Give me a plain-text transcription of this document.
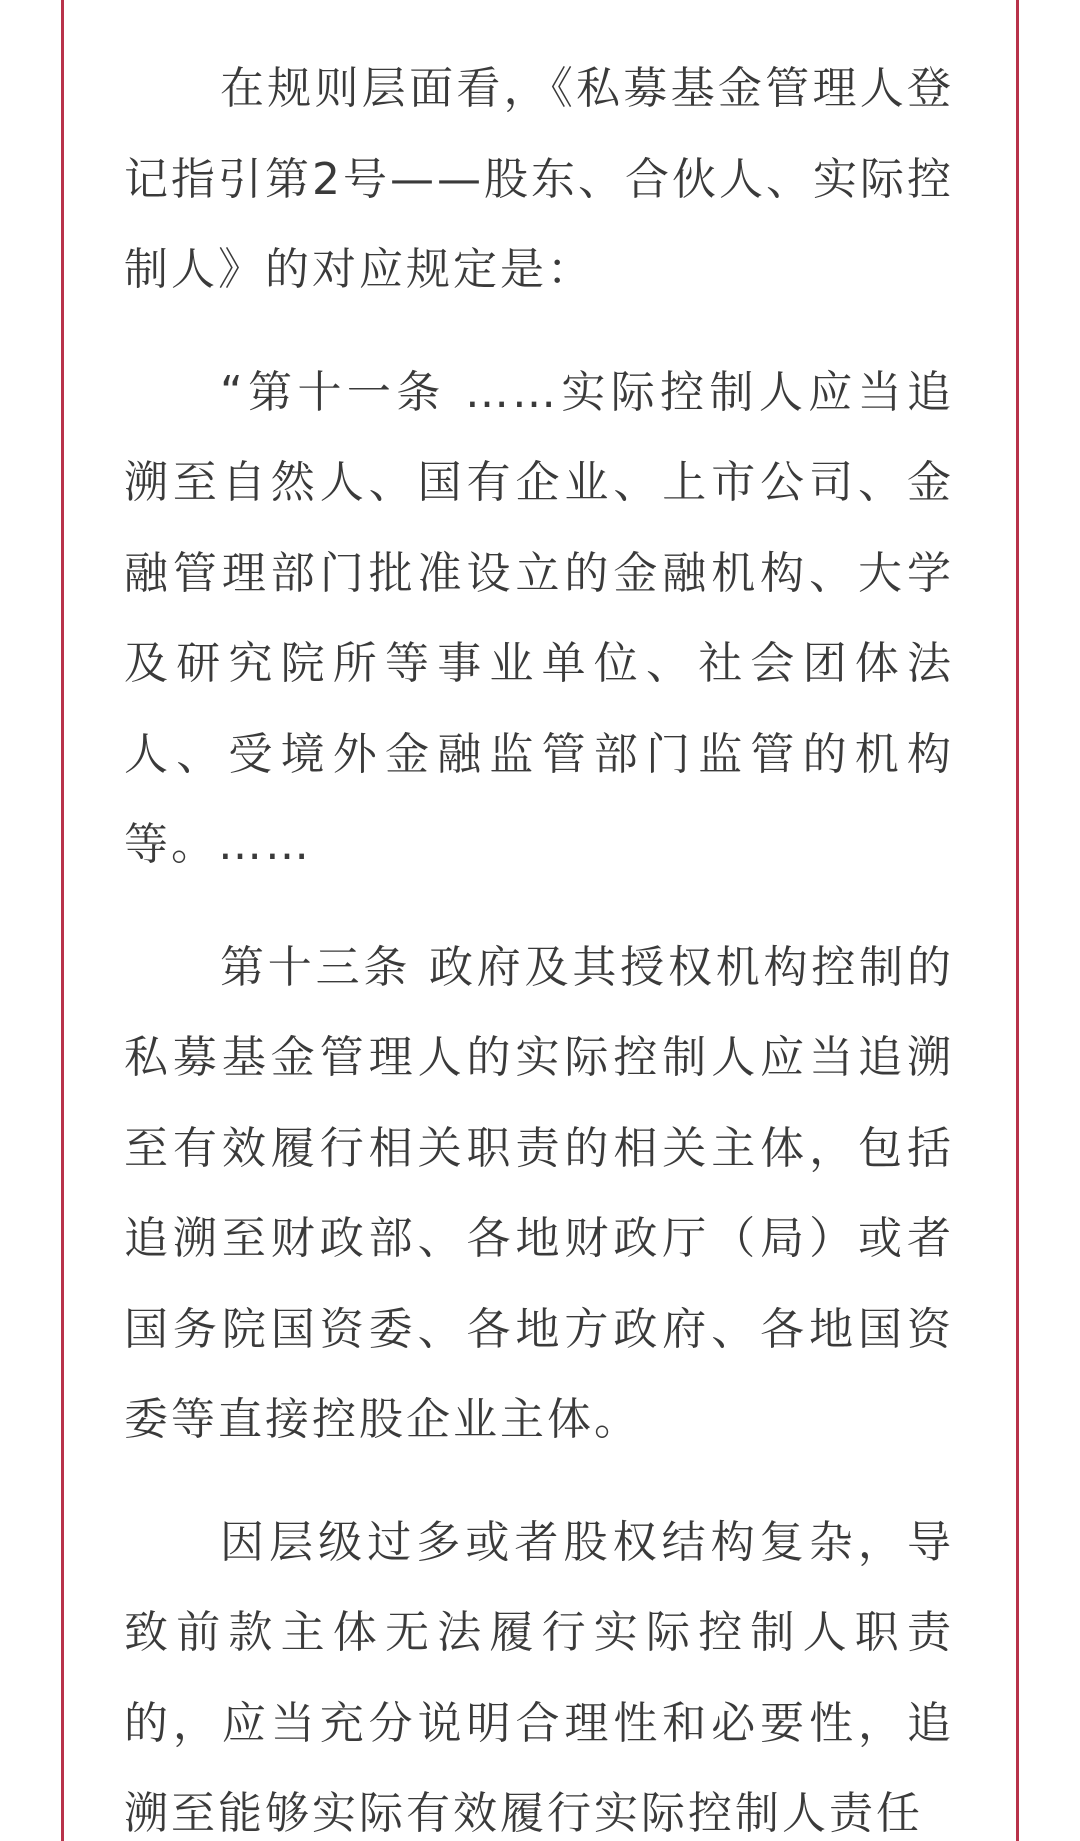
在规则层面看，《私募基金管理人登记指引第2号——股东、合伙人、实际控制人》的对应规定是：

“第十一条 ……实际控制人应当追溯至自然人、国有企业、上市公司、金融管理部门批准设立的金融机构、大学及研究院所等事业单位、社会团体法人、受境外金融监管部门监管的机构等。……

第十三条 政府及其授权机构控制的私募基金管理人的实际控制人应当追溯至有效履行相关职责的相关主体，包括追溯至财政部、各地财政厅（局）或者国务院国资委、各地方政府、各地国资委等直接控股企业主体。

因层级过多或者股权结构复杂，导致前款主体无法履行实际控制人职责的，应当充分说明合理性和必要性，追溯至能够实际有效履行实际控制人责任
